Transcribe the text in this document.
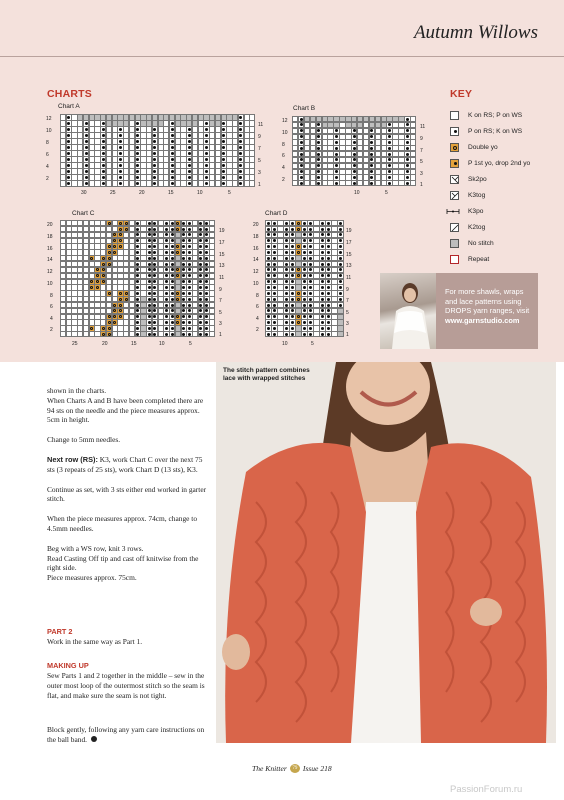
Autumn Willows
CHARTS	KEY
Chart A	Chart B
Chart C	Chart D
12
10
8
6
4
2
11
9
7
5
3
1
30	25	20	15	10	5
12
10
8
6
4
2
11
9
7
5
3
1
10	5
20
18
16
14
12
10
8
6
4
2
19
17
15
13
11
9
7
5
3
1
25	20	15	10	5
20
18
16
14
12
10
8
6
4
2
19
17
15
13
11
9
7
5
3
1
10	5
K on RS; P on WS
P on RS; K on WS
Double yo
P 1st yo, drop 2nd yo
Sk2po
K3tog
K3po
K2tog
No stitch
Repeat
For more shawls, wraps and lace patterns using DROPS yarn ranges, visit www.garnstudio.com

shown in the charts.

When Charts A and B have been completed there are 94 sts on the needle and the piece measures approx. 5cm in height.

Change to 5mm needles.

Next row (RS): K3, work Chart C over the next 75 sts (3 repeats of 25 sts), work Chart D (13 sts), K3.

Continue as set, with 3 sts either end worked in garter stitch.

When the piece measures approx. 74cm, change to 4.5mm needles.

Beg with a WS row, knit 3 rows.

Read Casting Off tip and cast off knitwise from the right side.

Piece measures approx. 75cm.

PART 2
Work in the same way as Part 1.
MAKING UP
Sew Parts 1 and 2 together in the middle – sew in the outer most loop of the outermost stitch so the seam is flat, and make sure the seam is not tight.
Block gently, following any yarn care instructions on the ball band.
The stitch pattern combines lace with wrapped stitches
The Knitter	79 Issue 218
PassionForum.ru
